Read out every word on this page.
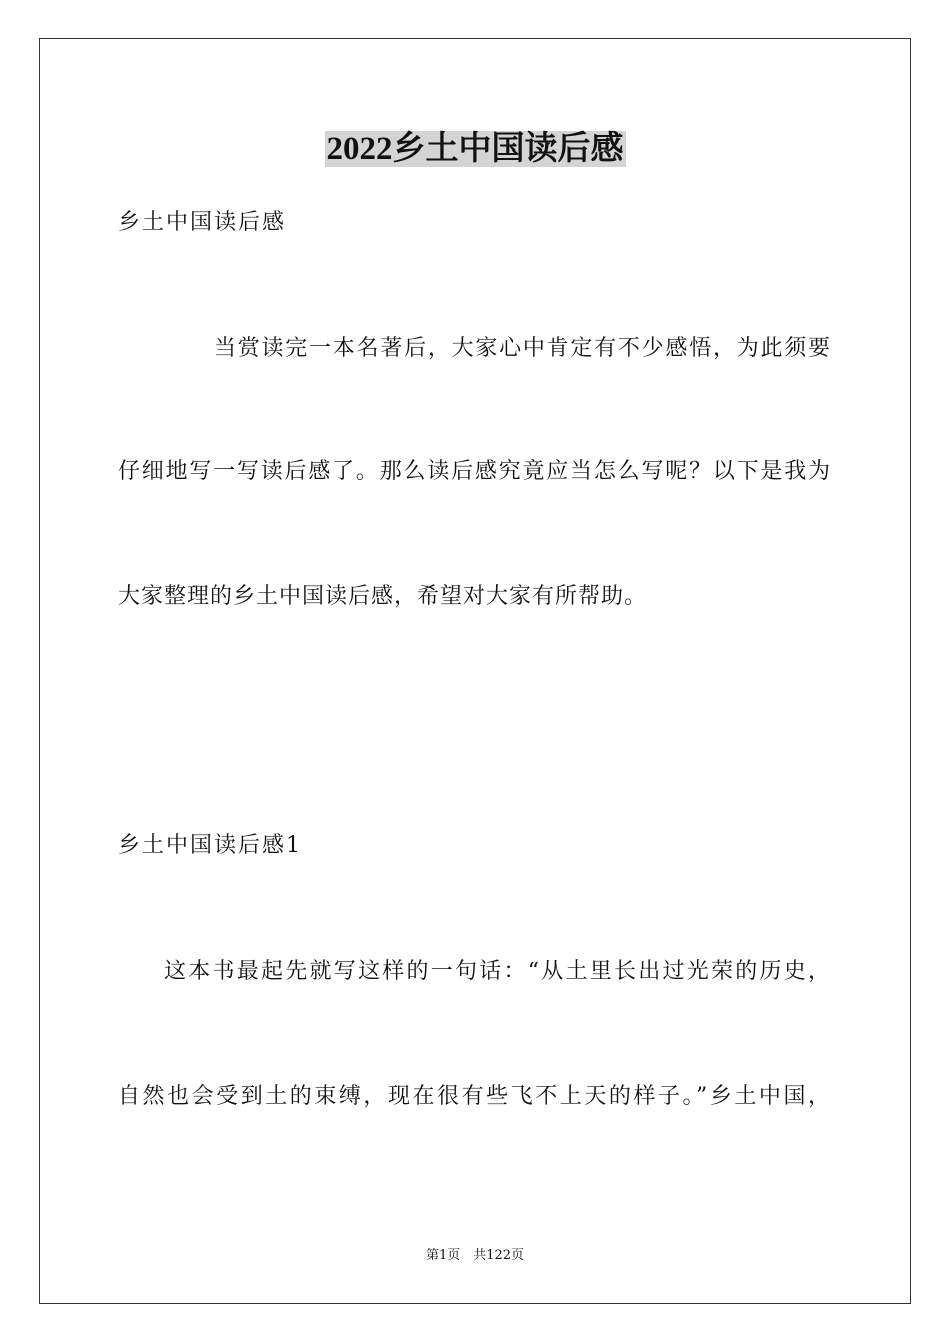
2022乡土中国读后感
乡土中国读后感
当赏读完一本名著后，大家心中肯定有不少感悟，为此须要
仔细地写一写读后感了。那么读后感究竟应当怎么写呢？以下是我为
大家整理的乡土中国读后感，希望对大家有所帮助。
乡土中国读后感1
这本书最起先就写这样的一句话：“从土里长出过光荣的历史，
自然也会受到土的束缚，现在很有些飞不上天的样子。”乡土中国，
第1页　共122页
